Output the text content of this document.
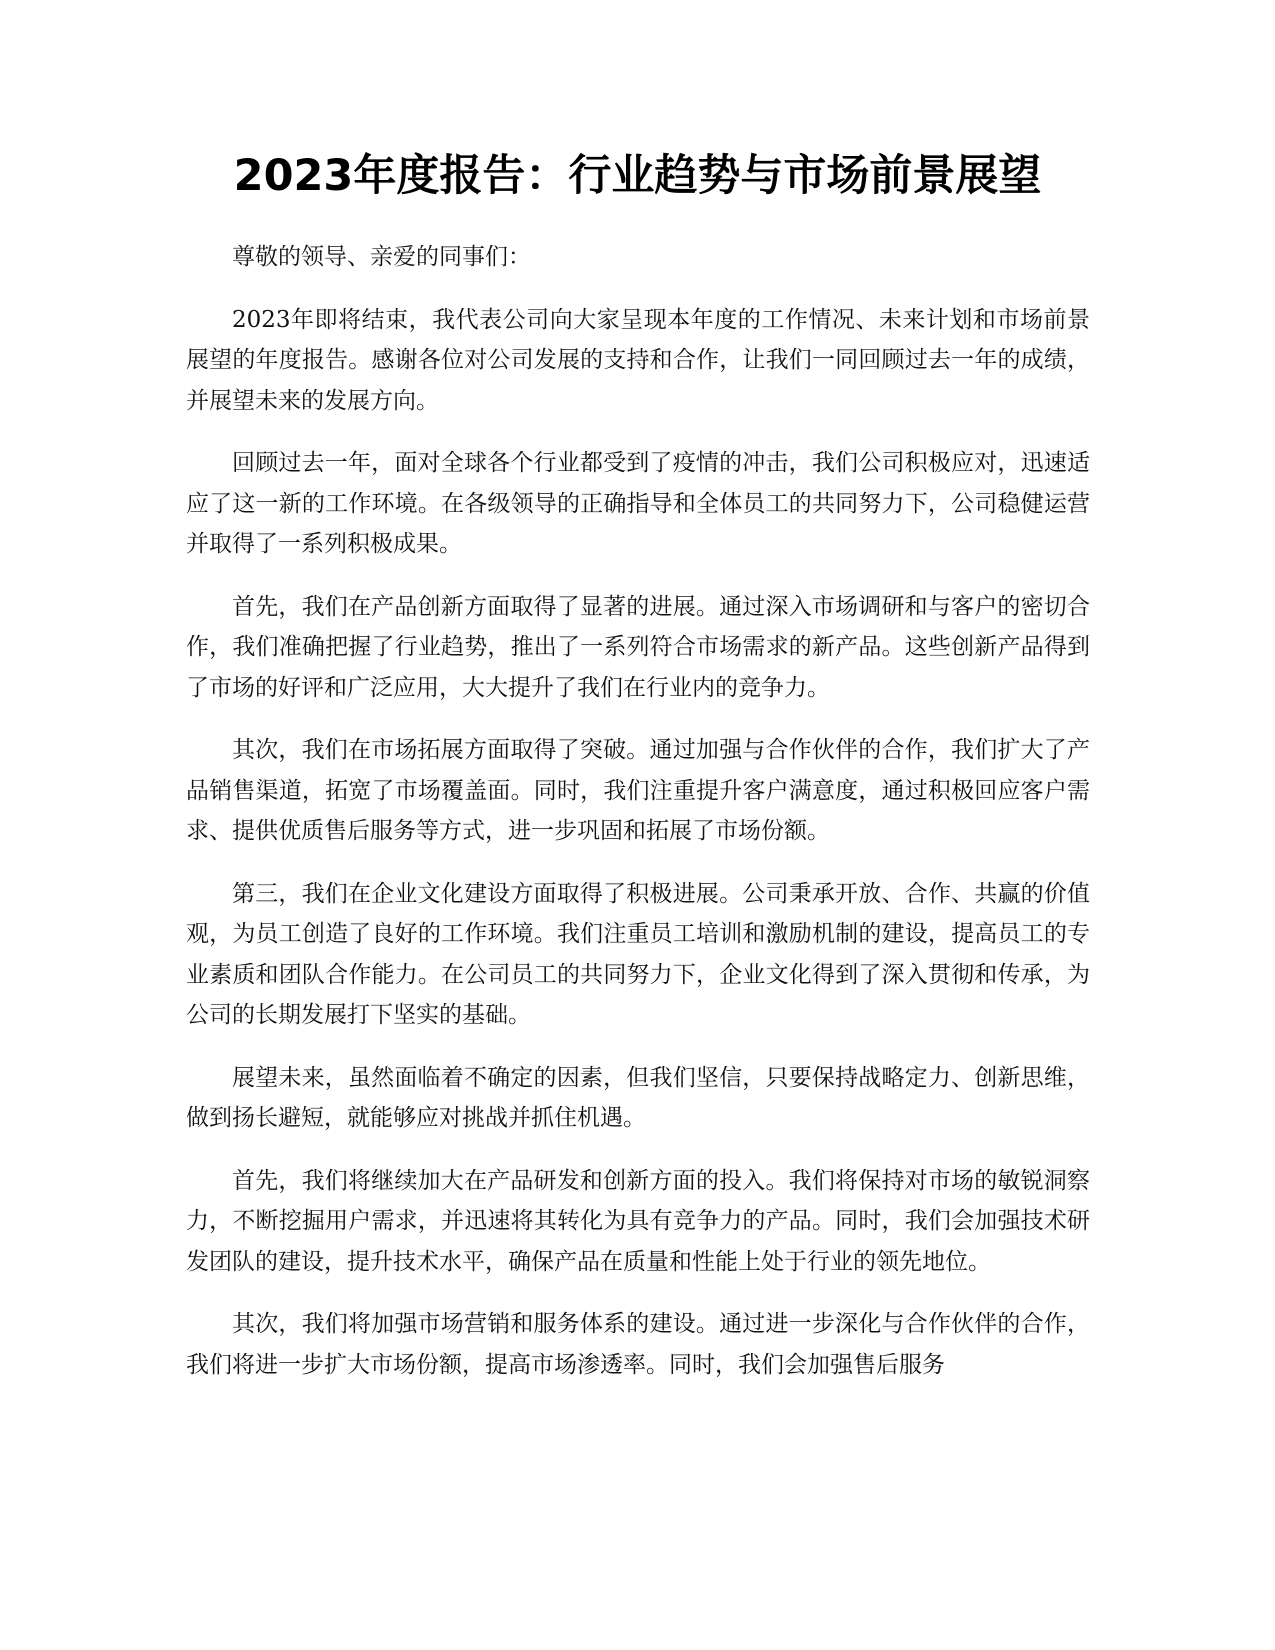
2023年度报告：行业趋势与市场前景展望

尊敬的领导、亲爱的同事们：

2023年即将结束，我代表公司向大家呈现本年度的工作情况、未来计划和市场前景展望的年度报告。感谢各位对公司发展的支持和合作，让我们一同回顾过去一年的成绩，并展望未来的发展方向。

回顾过去一年，面对全球各个行业都受到了疫情的冲击，我们公司积极应对，迅速适应了这一新的工作环境。在各级领导的正确指导和全体员工的共同努力下，公司稳健运营并取得了一系列积极成果。

首先，我们在产品创新方面取得了显著的进展。通过深入市场调研和与客户的密切合作，我们准确把握了行业趋势，推出了一系列符合市场需求的新产品。这些创新产品得到了市场的好评和广泛应用，大大提升了我们在行业内的竞争力。

其次，我们在市场拓展方面取得了突破。通过加强与合作伙伴的合作，我们扩大了产品销售渠道，拓宽了市场覆盖面。同时，我们注重提升客户满意度，通过积极回应客户需求、提供优质售后服务等方式，进一步巩固和拓展了市场份额。

第三，我们在企业文化建设方面取得了积极进展。公司秉承开放、合作、共赢的价值观，为员工创造了良好的工作环境。我们注重员工培训和激励机制的建设，提高员工的专业素质和团队合作能力。在公司员工的共同努力下，企业文化得到了深入贯彻和传承，为公司的长期发展打下坚实的基础。

展望未来，虽然面临着不确定的因素，但我们坚信，只要保持战略定力、创新思维，做到扬长避短，就能够应对挑战并抓住机遇。

首先，我们将继续加大在产品研发和创新方面的投入。我们将保持对市场的敏锐洞察力，不断挖掘用户需求，并迅速将其转化为具有竞争力的产品。同时，我们会加强技术研发团队的建设，提升技术水平，确保产品在质量和性能上处于行业的领先地位。

其次，我们将加强市场营销和服务体系的建设。通过进一步深化与合作伙伴的合作，我们将进一步扩大市场份额，提高市场渗透率。同时，我们会加强售后服务
